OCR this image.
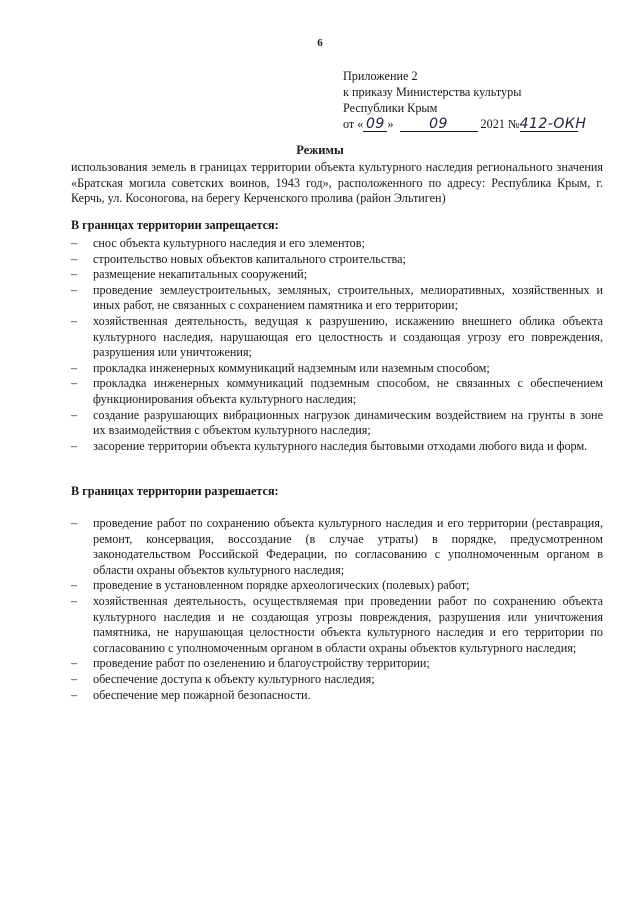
6
Приложение 2
к приказу Министерства культуры
Республики Крым
от « 09 »	09	2021 №412-ОКН
Режимы

использования земель в границах территории объекта культурного наследия регионального значения «Братская могила советских воинов, 1943 год», расположенного по адресу: Республика Крым, г. Керчь, ул. Косоногова, на берегу Керченского пролива (район Эльтиген)

В границах территории запрещается:
– снос объекта культурного наследия и его элементов;
– строительство новых объектов капитального строительства;
– размещение некапитальных сооружений;
– проведение землеустроительных, земляных, строительных, мелиоративных, хозяйственных и иных работ, не связанных с сохранением памятника и его территории;
– хозяйственная деятельность, ведущая к разрушению, искажению внешнего облика объекта культурного наследия, нарушающая его целостность и создающая угрозу его повреждения, разрушения или уничтожения;
– прокладка инженерных коммуникаций надземным или наземным способом;
– прокладка инженерных коммуникаций подземным способом, не связанных с обеспечением функционирования объекта культурного наследия;
– создание разрушающих вибрационных нагрузок динамическим воздействием на грунты в зоне их взаимодействия с объектом культурного наследия;
– засорение территории объекта культурного наследия бытовыми отходами любого вида и форм.
В границах территории разрешается:
– проведение работ по сохранению объекта культурного наследия и его территории (реставрация, ремонт, консервация, воссоздание (в случае утраты) в порядке, предусмотренном законодательством Российской Федерации, по согласованию с уполномоченным органом в области охраны объектов культурного наследия;
– проведение в установленном порядке археологических (полевых) работ;
– хозяйственная деятельность, осуществляемая при проведении работ по сохранению объекта культурного наследия и не создающая угрозы повреждения, разрушения или уничтожения памятника, не нарушающая целостности объекта культурного наследия и его территории по согласованию с уполномоченным органом в области охраны объектов культурного наследия;
– проведение работ по озеленению и благоустройству территории;
– обеспечение доступа к объекту культурного наследия;
– обеспечение мер пожарной безопасности.
